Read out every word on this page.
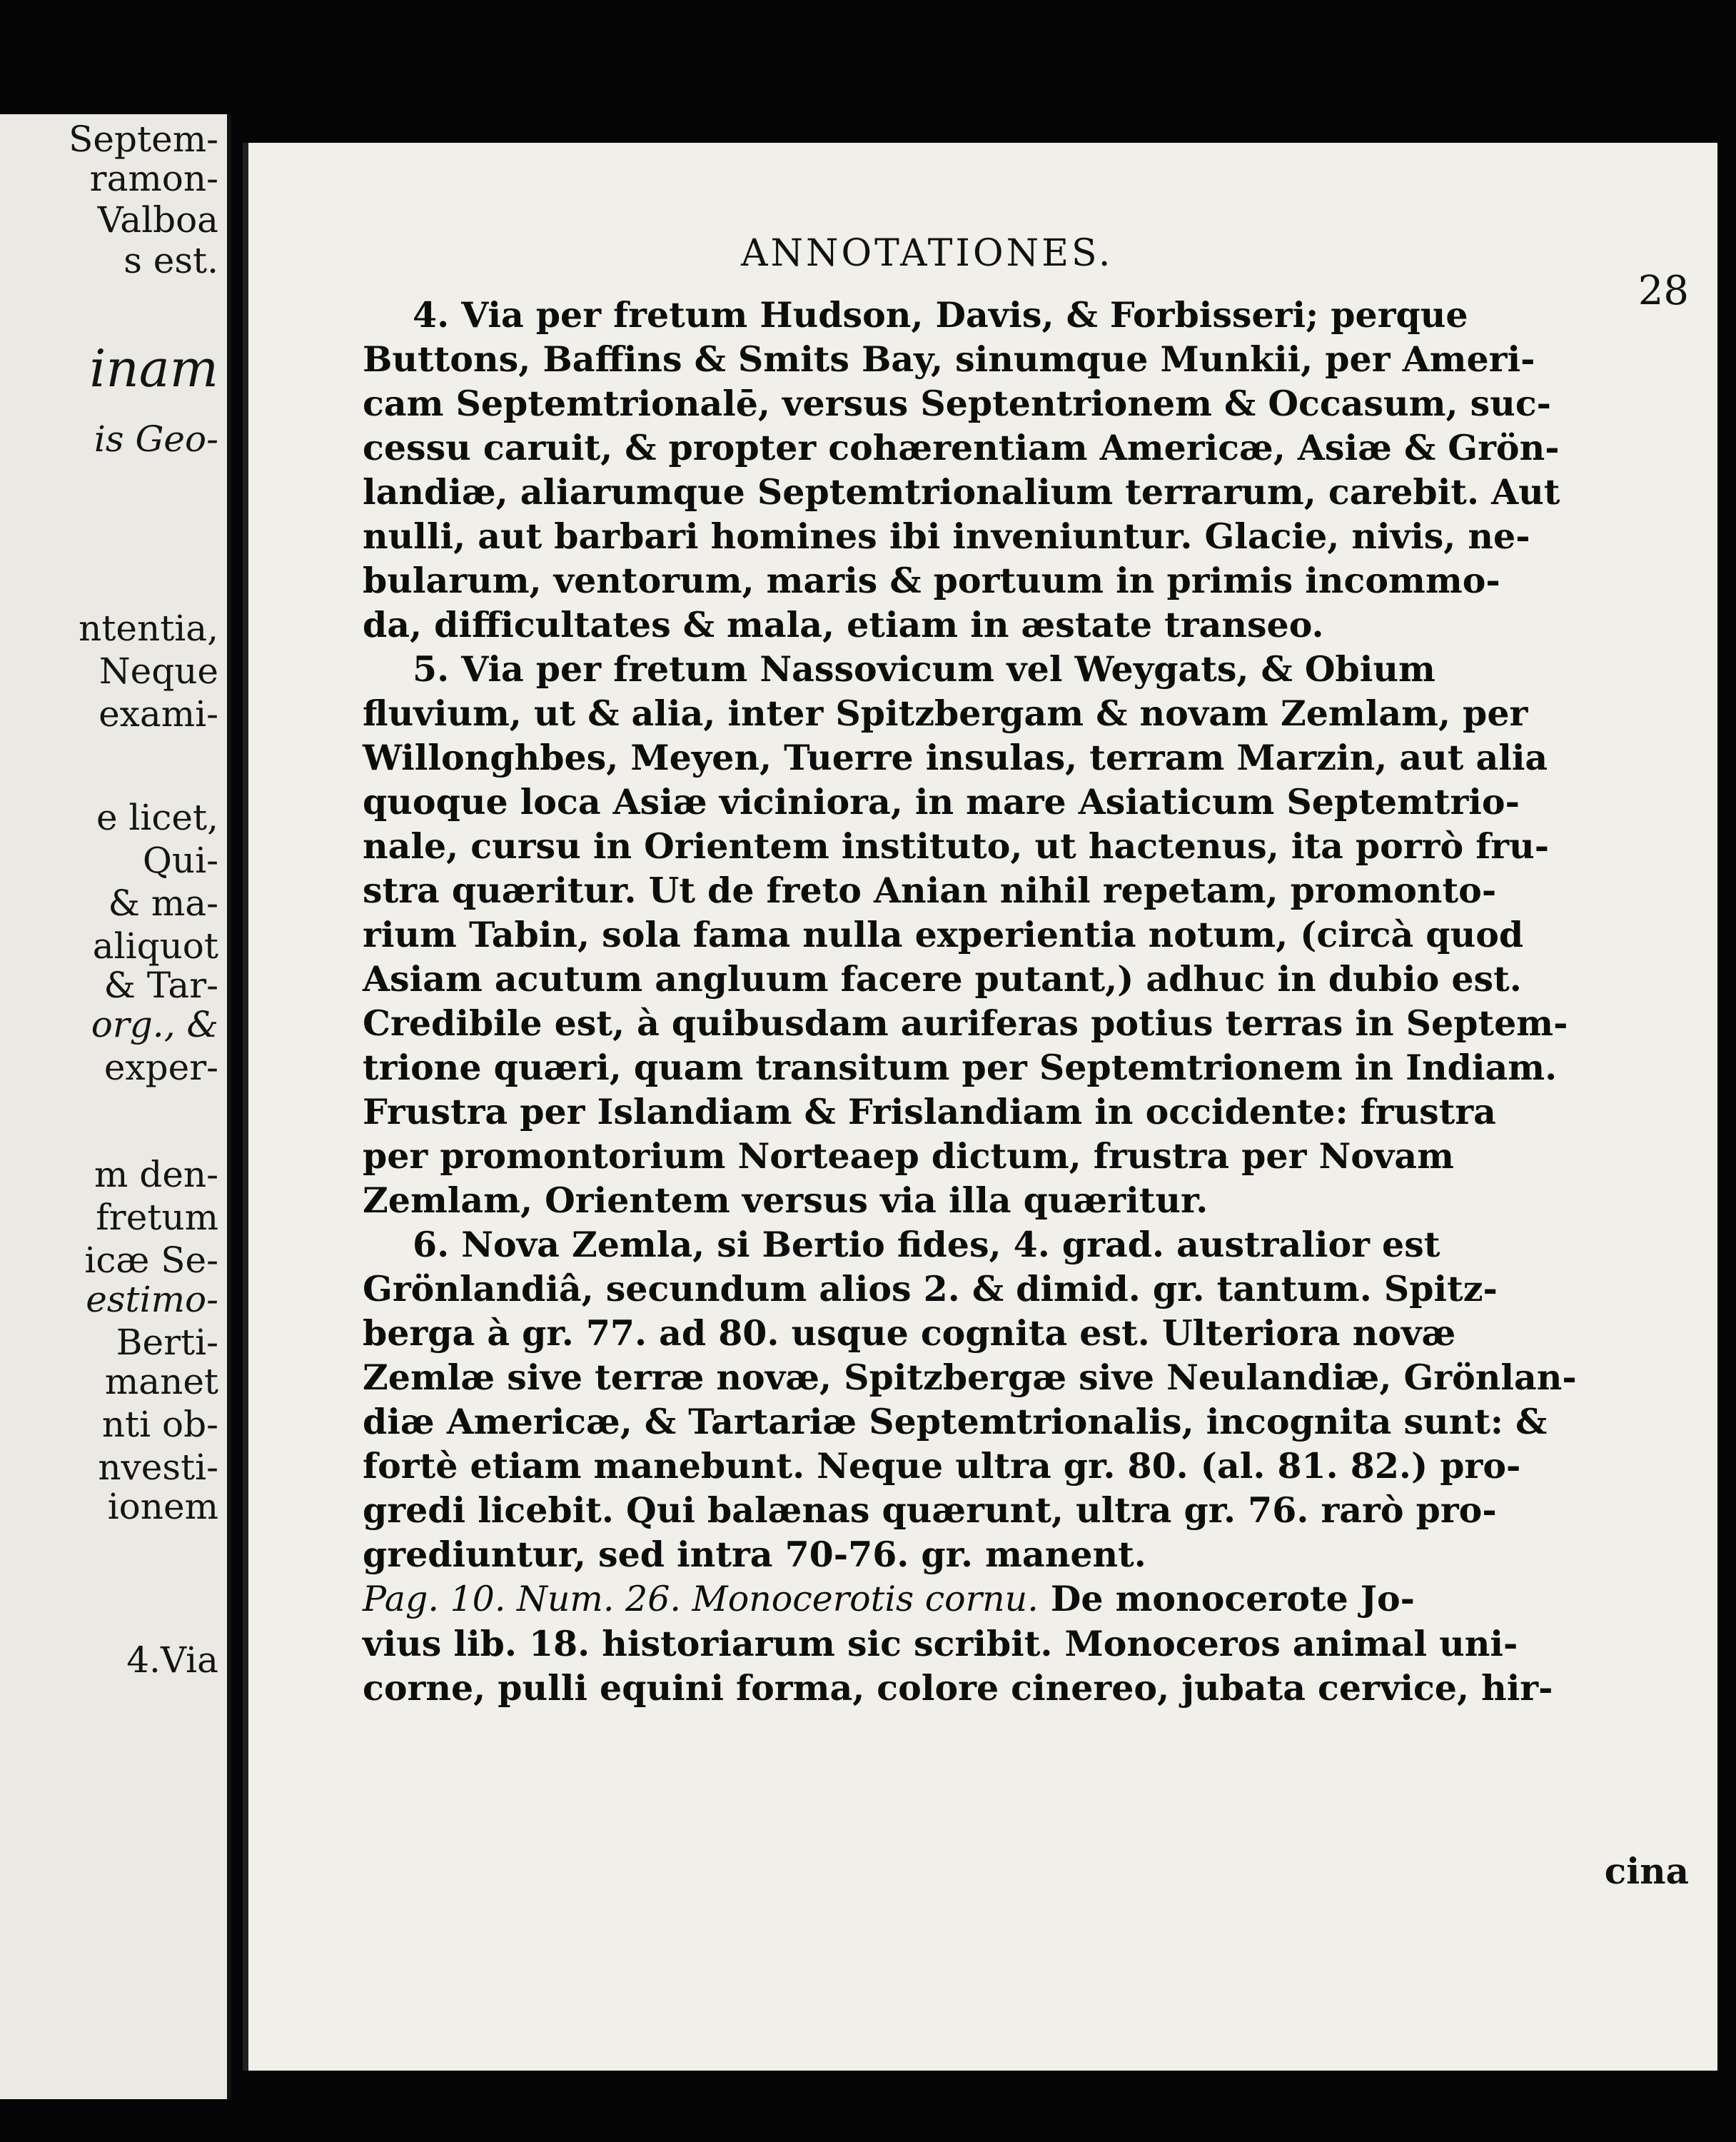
Septem-
ramon-
Valboa
s est.
inam
is Geo-
ntentia,
Neque
exami-
e licet,
Qui-
& ma-
aliquot
& Tar-
org., &
exper-
m den-
fretum
icæ Se-
estimo-
Berti-
manet
nti ob-
nvesti-
ionem
4.Via
ANNOTATIONES.
28
4. Via per fretum Hudson, Davis, & Forbisseri; perque
Buttons, Baffins & Smits Bay, sinumque Munkii, per Ameri-
cam Septemtrionalē, versus Septentrionem & Occasum, suc-
cessu caruit, & propter cohærentiam Americæ, Asiæ & Grön-
landiæ, aliarumque Septemtrionalium terrarum, carebit. Aut
nulli, aut barbari homines ibi inveniuntur. Glacie, nivis, ne-
bularum, ventorum, maris & portuum in primis incommo-
da, difficultates & mala, etiam in æstate transeo.
5. Via per fretum Nassovicum vel Weygats, & Obium
fluvium, ut & alia, inter Spitzbergam & novam Zemlam, per
Willonghbes, Meyen, Tuerre insulas, terram Marzin, aut alia
quoque loca Asiæ viciniora, in mare Asiaticum Septemtrio-
nale, cursu in Orientem instituto, ut hactenus, ita porrò fru-
stra quæritur. Ut de freto Anian nihil repetam, promonto-
rium Tabin, sola fama nulla experientia notum, (circà quod
Asiam acutum angluum facere putant,) adhuc in dubio est.
Credibile est, à quibusdam auriferas potius terras in Septem-
trione quæri, quam transitum per Septemtrionem in Indiam.
Frustra per Islandiam & Frislandiam in occidente: frustra
per promontorium Norteaep dictum, frustra per Novam
Zemlam, Orientem versus via illa quæritur.
6. Nova Zemla, si Bertio fides, 4. grad. australior est
Grönlandiâ, secundum alios 2. & dimid. gr. tantum. Spitz-
berga à gr. 77. ad 80. usque cognita est. Ulteriora novæ
Zemlæ sive terræ novæ, Spitzbergæ sive Neulandiæ, Grönlan-
diæ Americæ, & Tartariæ Septemtrionalis, incognita sunt: &
fortè etiam manebunt. Neque ultra gr. 80. (al. 81. 82.) pro-
gredi licebit. Qui balænas quærunt, ultra gr. 76. rarò pro-
grediuntur, sed intra 70-76. gr. manent.
Pag. 10. Num. 26. Monocerotis cornu. De monocerote Jo-
vius lib. 18. historiarum sic scribit. Monoceros animal uni-
corne, pulli equini forma, colore cinereo, jubata cervice, hir-
cina
